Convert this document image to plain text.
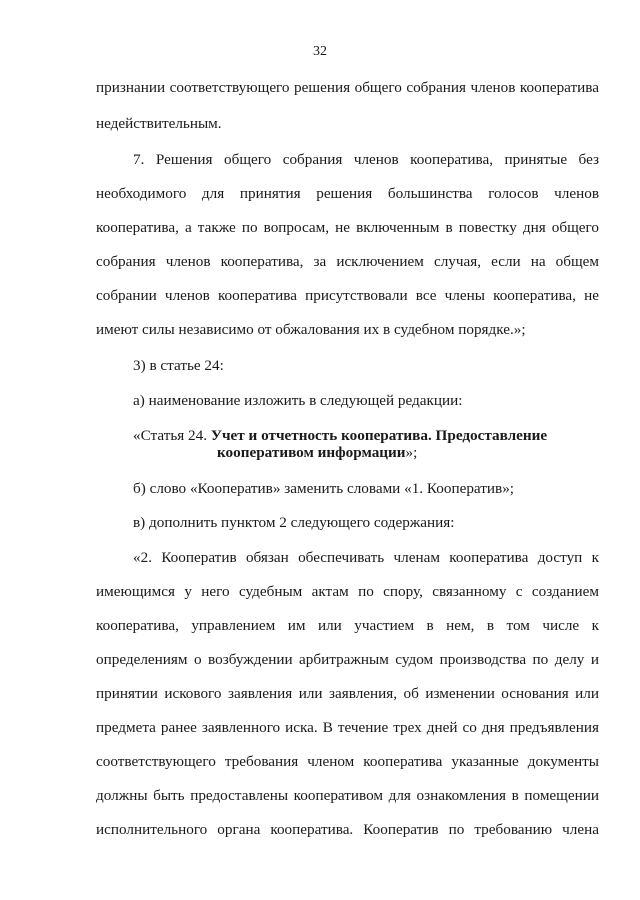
32
признании соответствующего решения общего собрания членов кооператива
недействительным.
7. Решения общего собрания членов кооператива, принятые без
необходимого для принятия решения большинства голосов членов
кооператива, а также по вопросам, не включенным в повестку дня общего
собрания членов кооператива, за исключением случая, если на общем
собрании членов кооператива присутствовали все члены кооператива, не
имеют силы независимо от обжалования их в судебном порядке.»;
3) в статье 24:
а) наименование изложить в следующей редакции:
«Статья 24. Учет и отчетность кооператива. Предоставление
кооперативом информации»;
б) слово «Кооператив» заменить словами «1. Кооператив»;
в) дополнить пунктом 2 следующего содержания:
«2. Кооператив обязан обеспечивать членам кооператива доступ к
имеющимся у него судебным актам по спору, связанному с созданием
кооператива, управлением им или участием в нем, в том числе к
определениям о возбуждении арбитражным судом производства по делу и
принятии искового заявления или заявления, об изменении основания или
предмета ранее заявленного иска. В течение трех дней со дня предъявления
соответствующего требования членом кооператива указанные документы
должны быть предоставлены кооперативом для ознакомления в помещении
исполнительного органа кооператива. Кооператив по требованию члена
